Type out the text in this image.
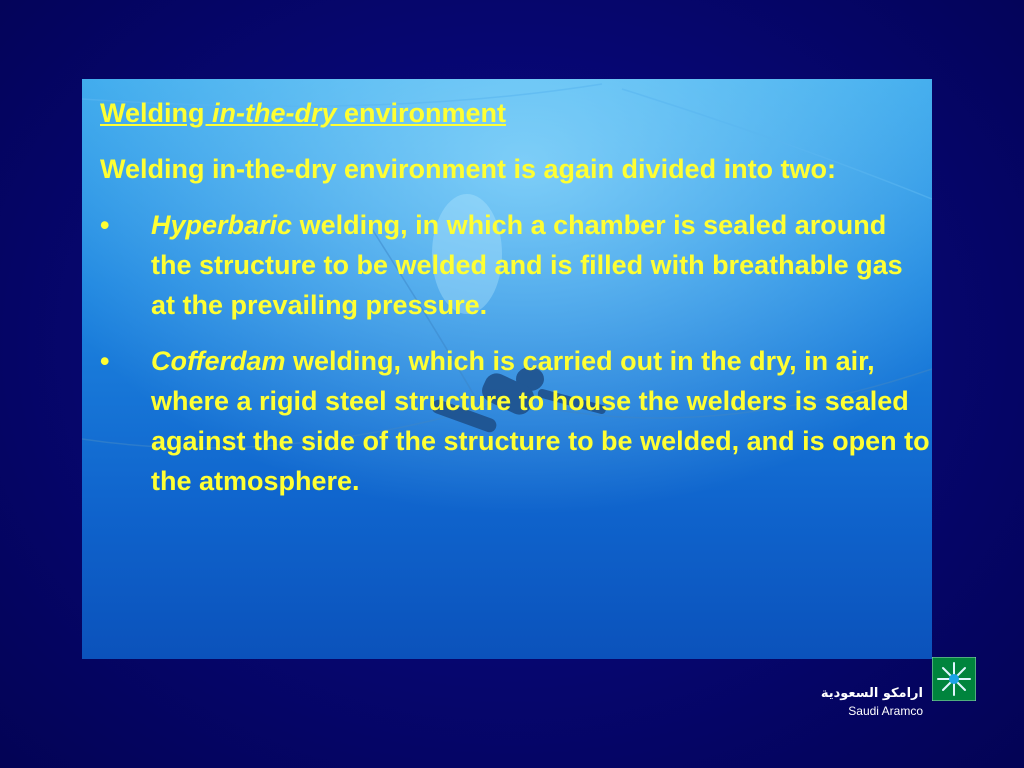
Welding in-the-dry environment
Welding in-the-dry environment is again divided into two:
• Hyperbaric welding, in which a chamber is sealed around the structure to be welded and is filled with breathable gas at the prevailing pressure.
• Cofferdam welding, which is carried out in the dry, in air, where a rigid steel structure to house the welders is sealed against the side of the structure to be welded, and is open to the atmosphere.
ارامكو السعودية
Saudi Aramco
